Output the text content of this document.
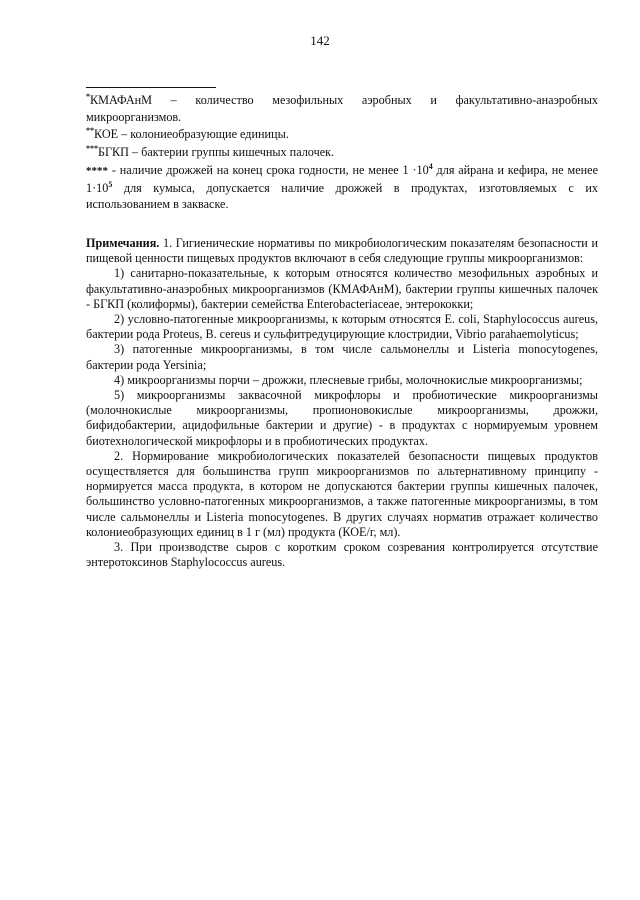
142

*КМАФАнМ – количество мезофильных аэробных и факультативно-анаэробных микроорганизмов.

**КОЕ – колониеобразующие единицы.

***БГКП – бактерии группы кишечных палочек.

**** - наличие дрожжей на конец срока годности, не менее $1 \cdot 10^4$ для айрана и кефира, не менее $1\cdot 10^5$ для кумыса, допускается наличие дрожжей в продуктах, изготовляемых с их использованием в закваске.

Примечания. 1. Гигиенические нормативы по микробиологическим показателям безопасности и пищевой ценности пищевых продуктов включают в себя следующие группы микроорганизмов:

1) санитарно-показательные, к которым относятся количество мезофильных аэробных и факультативно-анаэробных микроорганизмов (КМАФАнМ), бактерии группы кишечных палочек - БГКП (колиформы), бактерии семейства Enterobacteriaceae, энтерококки;

2) условно-патогенные микроорганизмы, к которым относятся E. coli, Staphylococcus aureus, бактерии рода Proteus, B. cereus и сульфитредуцирующие клостридии, Vibrio parahaemolyticus;

3) патогенные микроорганизмы, в том числе сальмонеллы и Listeria monocytogenes, бактерии рода Yersinia;

4) микроорганизмы порчи – дрожжи, плесневые грибы, молочнокислые микроорганизмы;

5) микроорганизмы заквасочной микрофлоры и пробиотические микроорганизмы (молочнокислые микроорганизмы, пропионовокислые микроорганизмы, дрожжи, бифидобактерии, ацидофильные бактерии и другие) - в продуктах с нормируемым уровнем биотехнологической микрофлоры и в пробиотических продуктах.

2. Нормирование микробиологических показателей безопасности пищевых продуктов осуществляется для большинства групп микроорганизмов по альтернативному принципу - нормируется масса продукта, в котором не допускаются бактерии группы кишечных палочек, большинство условно-патогенных микроорганизмов, а также патогенные микроорганизмы, в том числе сальмонеллы и Listeria monocytogenes. В других случаях норматив отражает количество колониеобразующих единиц в 1 г (мл) продукта (КОЕ/г, мл).

3. При производстве сыров с коротким сроком созревания контролируется отсутствие энтеротоксинов Staphylococcus aureus.
